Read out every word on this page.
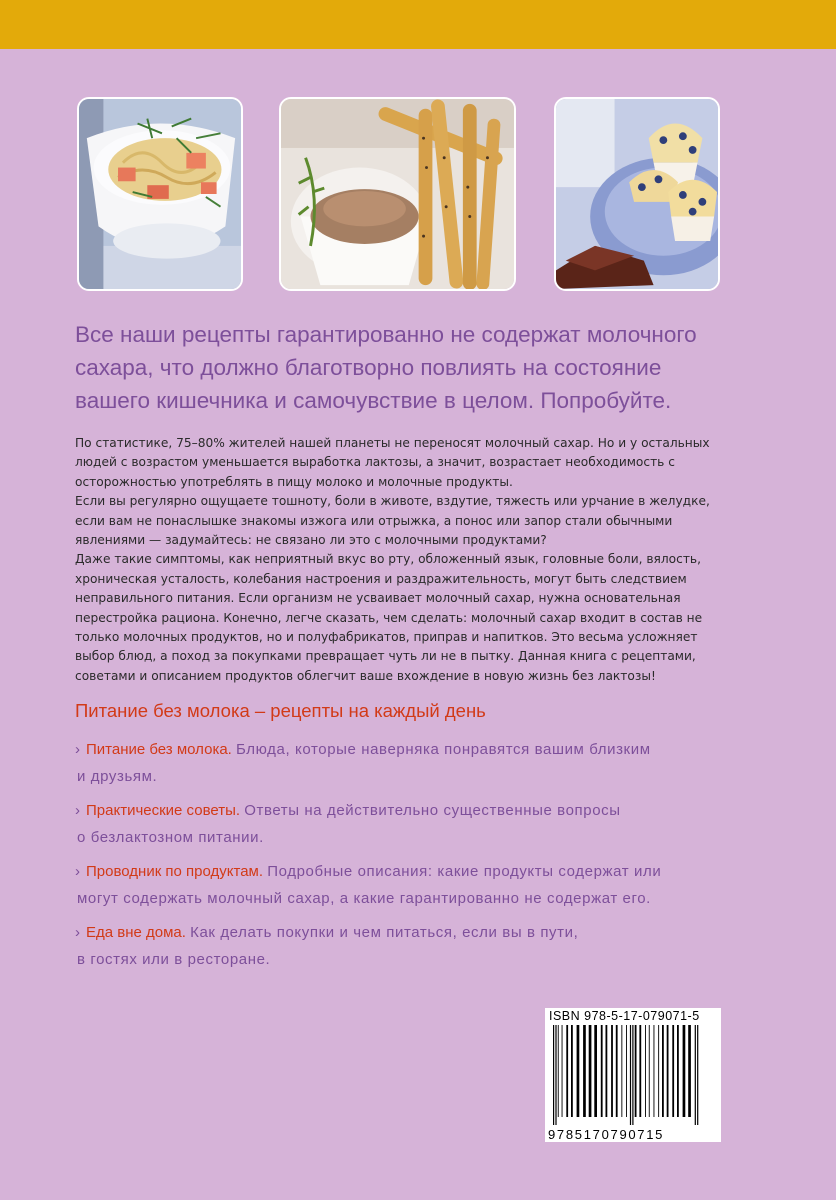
Все наши рецепты гарантированно не содержат молочного
сахара, что должно благотворно повлиять на состояние
вашего кишечника и самочувствие в целом. Попробуйте.

По статистике, 75–80% жителей нашей планеты не переносят молочный сахар. Но и у остальных

людей с возрастом уменьшается выработка лактозы, а значит, возрастает необходимость с

осторожностью употреблять в пищу молоко и молочные продукты.

Если вы регулярно ощущаете тошноту, боли в животе, вздутие, тяжесть или урчание в желудке,

если вам не понаслышке знакомы изжога или отрыжка, а понос или запор стали обычными

явлениями — задумайтесь: не связано ли это с молочными продуктами?

Даже такие симптомы, как неприятный вкус во рту, обложенный язык, головные боли, вялость,

хроническая усталость, колебания настроения и раздражительность, могут быть следствием

неправильного питания. Если организм не усваивает молочный сахар, нужна основательная

перестройка рациона. Конечно, легче сказать, чем сделать: молочный сахар входит в состав не

только молочных продуктов, но и полуфабрикатов, приправ и напитков. Это весьма усложняет

выбор блюд, а поход за покупками превращает чуть ли не в пытку. Данная книга с рецептами,

советами и описанием продуктов облегчит ваше вхождение в новую жизнь без лактозы!

Питание без молока – рецепты на каждый день
› Питание без молока. Блюда, которые наверняка понравятся вашим близким
и друзьям.
› Практические советы. Ответы на действительно существенные вопросы
о безлактозном питании.
› Проводник по продуктам. Подробные описания: какие продукты содержат или
могут содержать молочный сахар, а какие гарантированно не содержат его.
› Еда вне дома. Как делать покупки и чем питаться, если вы в пути,
в гостях или в ресторане.
ISBN 978-5-17-079071-5
9785170790715
